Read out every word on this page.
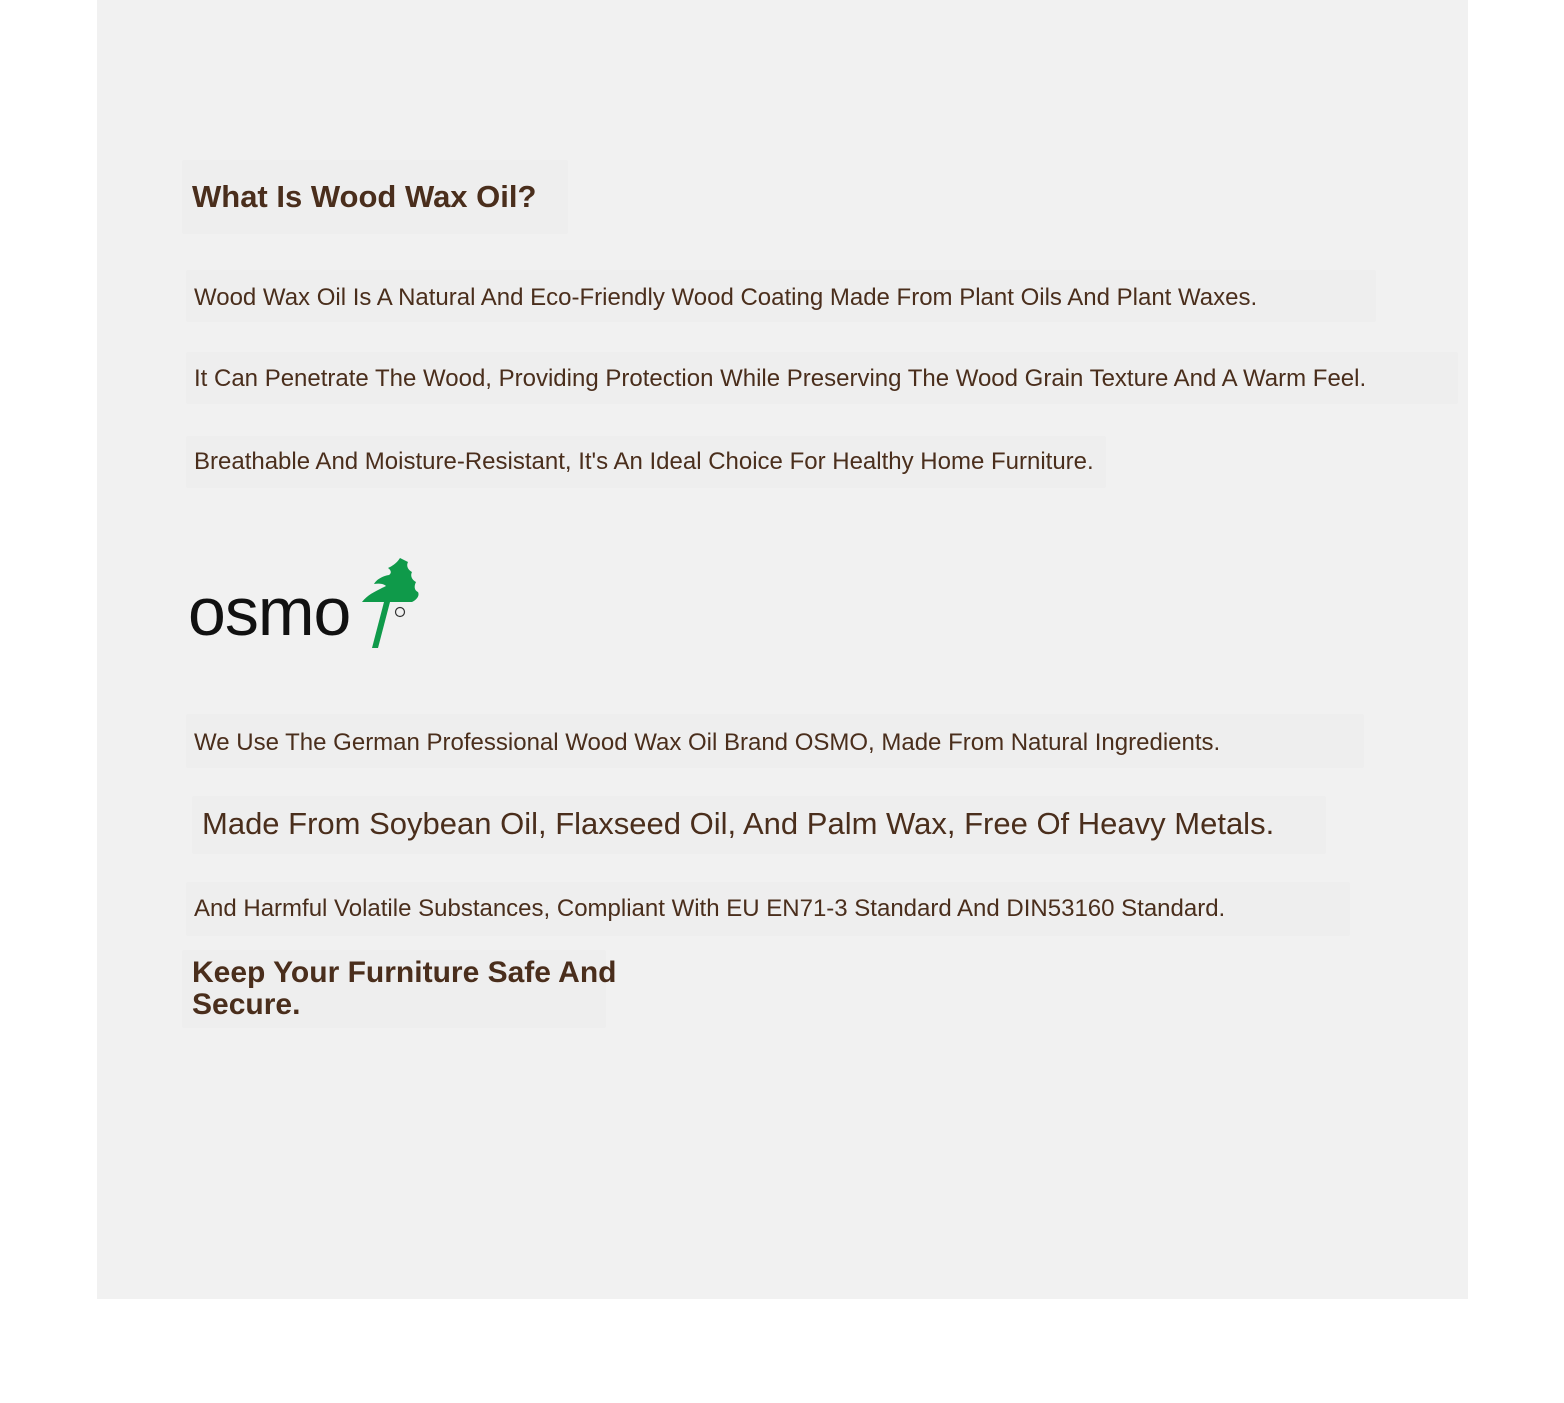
What Is Wood Wax Oil?

Wood Wax Oil Is A Natural And Eco-Friendly Wood Coating Made From Plant Oils And Plant Waxes.

It Can Penetrate The Wood, Providing Protection While Preserving The Wood Grain Texture And A Warm Feel.

Breathable And Moisture-Resistant, It's An Ideal Choice For Healthy Home Furniture.

osmo

We Use The German Professional Wood Wax Oil Brand OSMO, Made From Natural Ingredients.

Made From Soybean Oil, Flaxseed Oil, And Palm Wax, Free Of Heavy Metals.

And Harmful Volatile Substances, Compliant With EU EN71-3 Standard And DIN53160 Standard.

Keep Your Furniture Safe And
Secure.
